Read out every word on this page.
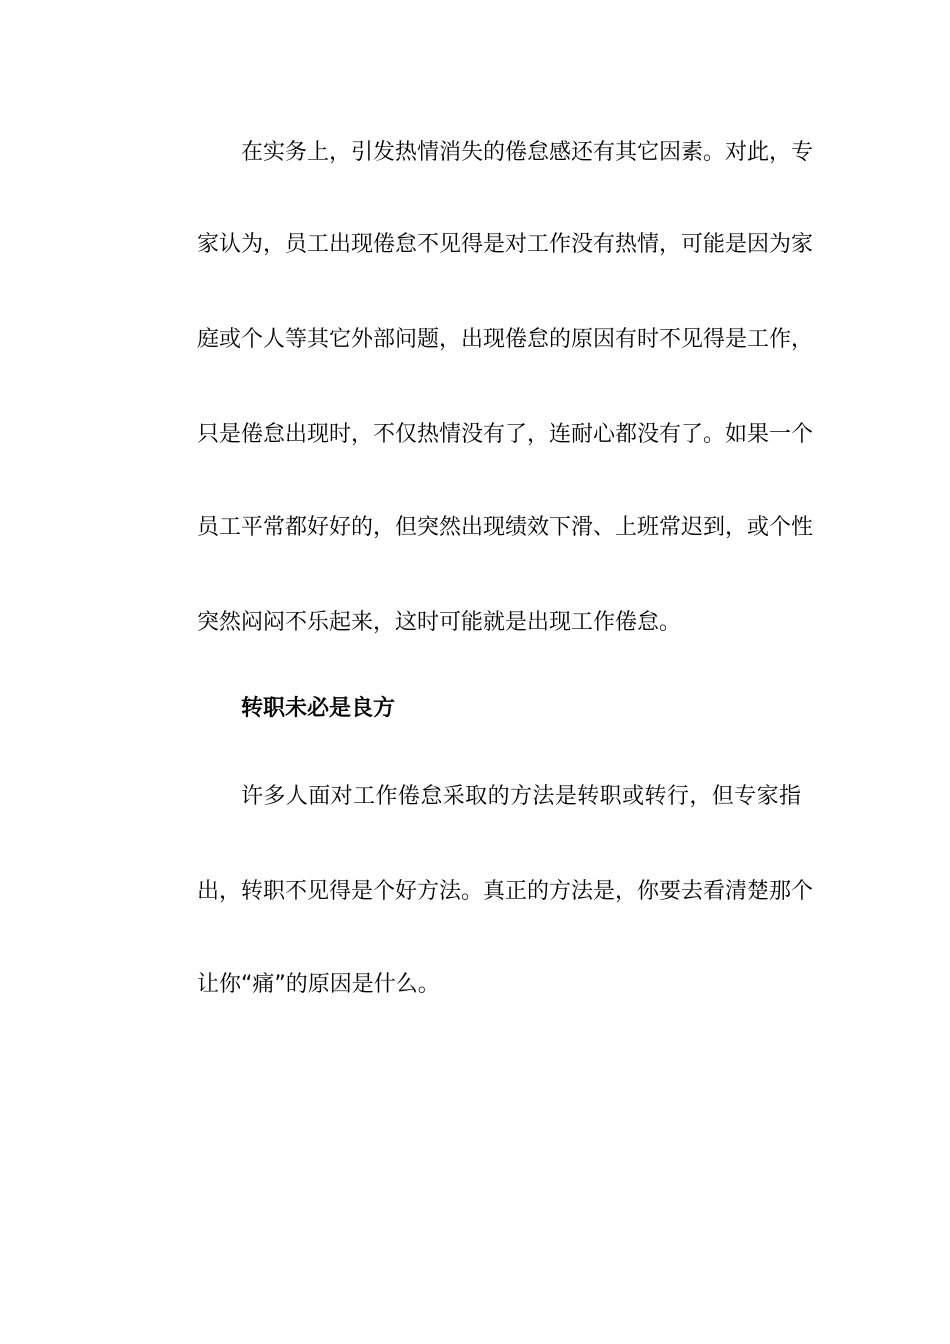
在实务上，引发热情消失的倦怠感还有其它因素。对此，专
家认为，员工出现倦怠不见得是对工作没有热情，可能是因为家
庭或个人等其它外部问题，出现倦怠的原因有时不见得是工作，
只是倦怠出现时，不仅热情没有了，连耐心都没有了。如果一个
员工平常都好好的，但突然出现绩效下滑、上班常迟到，或个性
突然闷闷不乐起来，这时可能就是出现工作倦怠。
转职未必是良方
许多人面对工作倦怠采取的方法是转职或转行，但专家指
出，转职不见得是个好方法。真正的方法是，你要去看清楚那个
让你“痛”的原因是什么。
